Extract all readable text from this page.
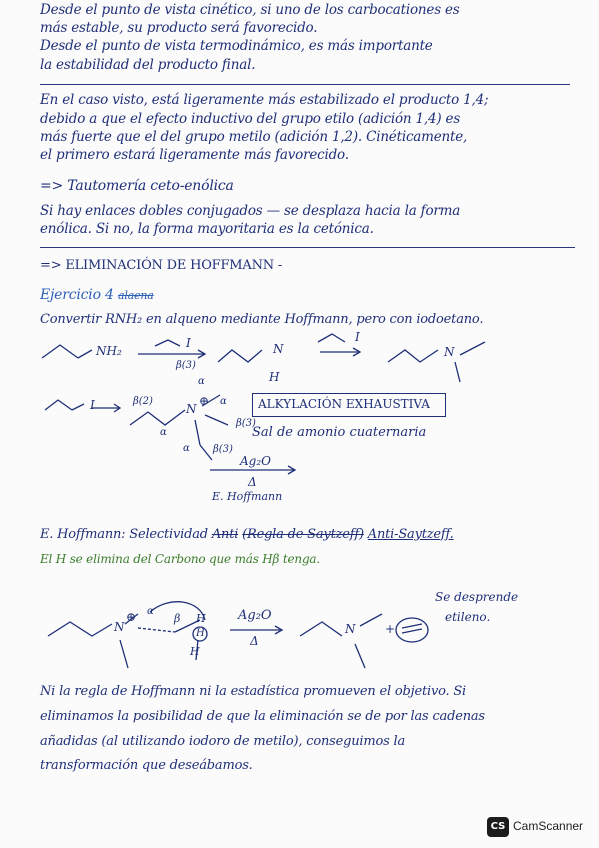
Desde el punto de vista cinético, si uno de los carbocationes es
más estable, su producto será favorecido.
Desde el punto de vista termodinámico, es más importante
la estabilidad del producto final.
En el caso visto, está ligeramente más estabilizado el producto 1,4;
debido a que el efecto inductivo del grupo etilo (adición 1,4) es
más fuerte que el del grupo metilo (adición 1,2). Cinéticamente,
el primero estará ligeramente más favorecido.
=> Tautomería ceto-enólica
Si hay enlaces dobles conjugados — se desplaza hacia la forma
enólica. Si no, la forma mayoritaria es la cetónica.
=> ELIMINACIÓN DE HOFFMANN -
Ejercicio 4 alaena
Convertir RNH₂ en alqueno mediante Hoffmann, pero con iodoetano.
NH₂
I
β(3)
α
N
H
I
N
I	β(2)
α
N
⊕ α
β(3)
α β(3)
ALKYLACIÓN EXHAUSTIVA
Sal de amonio cuaternaria
Ag₂O
Δ
E. Hoffmann
E. Hoffmann: Selectividad Anti (Regla de Saytzeff) Anti-Saytzeff.
El H se elimina del Carbono que más Hβ tenga.
N
⊕ α
β H
H
H
Ag₂O
Δ
N +
Se desprende
etileno.
Ni la regla de Hoffmann ni la estadística promueven el objetivo. Si
eliminamos la posibilidad de que la eliminación se de por las cadenas
añadidas (al utilizando iodoro de metilo), conseguimos la
transformación que deseábamos.
CS CamScanner
